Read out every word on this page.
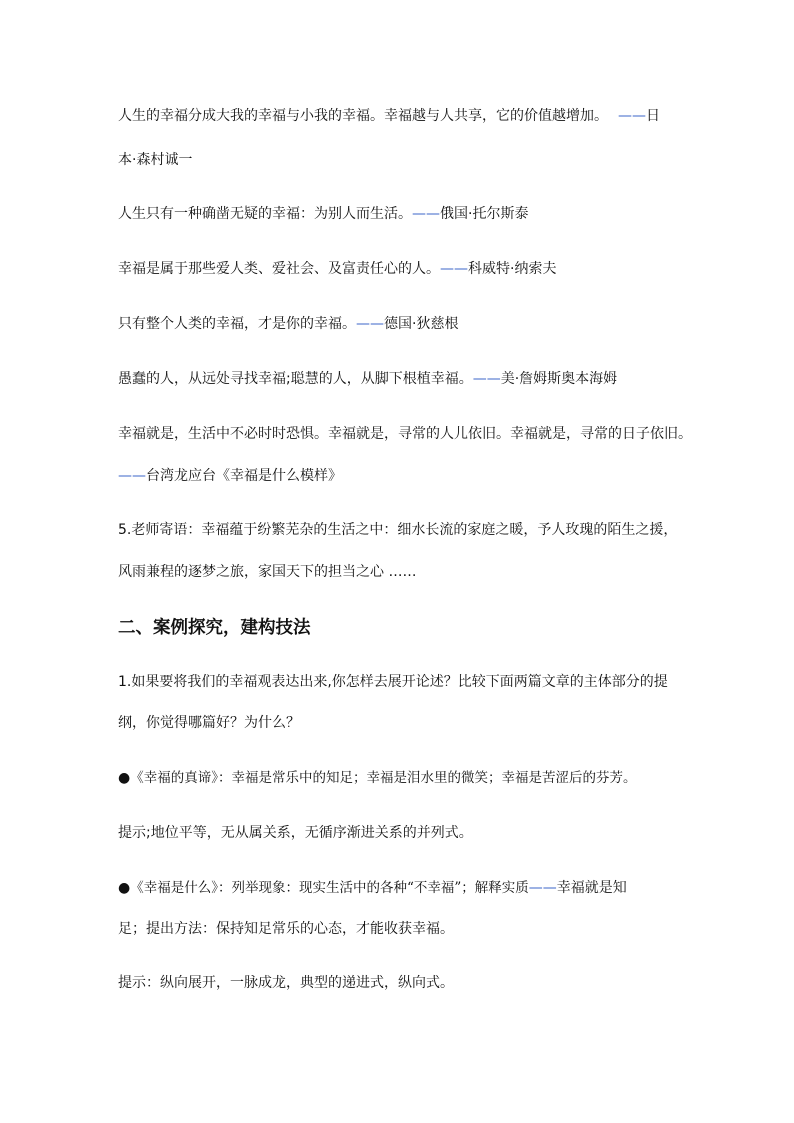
人生的幸福分成大我的幸福与小我的幸福。幸福越与人共享，它的价值越增加。 ——日
本·森村诚一
人生只有一种确凿无疑的幸福：为别人而生活。——俄国·托尔斯泰
幸福是属于那些爱人类、爱社会、及富责任心的人。——科威特·纳索夫
只有整个人类的幸福，才是你的幸福。——德国·狄慈根
愚蠢的人，从远处寻找幸福;聪慧的人，从脚下根植幸福。——美·詹姆斯奥本海姆
幸福就是，生活中不必时时恐惧。幸福就是，寻常的人儿依旧。幸福就是，寻常的日子依旧。
——台湾龙应台《幸福是什么模样》
5.老师寄语：幸福蕴于纷繁芜杂的生活之中：细水长流的家庭之暖，予人玫瑰的陌生之援，
风雨兼程的逐梦之旅，家国天下的担当之心 ……
二、案例探究，建构技法
1.如果要将我们的幸福观表达出来,你怎样去展开论述？比较下面两篇文章的主体部分的提
纲，你觉得哪篇好？为什么？
●《幸福的真谛》：幸福是常乐中的知足；幸福是泪水里的微笑；幸福是苦涩后的芬芳。
提示;地位平等，无从属关系，无循序渐进关系的并列式。
●《幸福是什么》：列举现象：现实生活中的各种“不幸福”；解释实质——幸福就是知
足；提出方法：保持知足常乐的心态，才能收获幸福。
提示：纵向展开，一脉成龙，典型的递进式，纵向式。
